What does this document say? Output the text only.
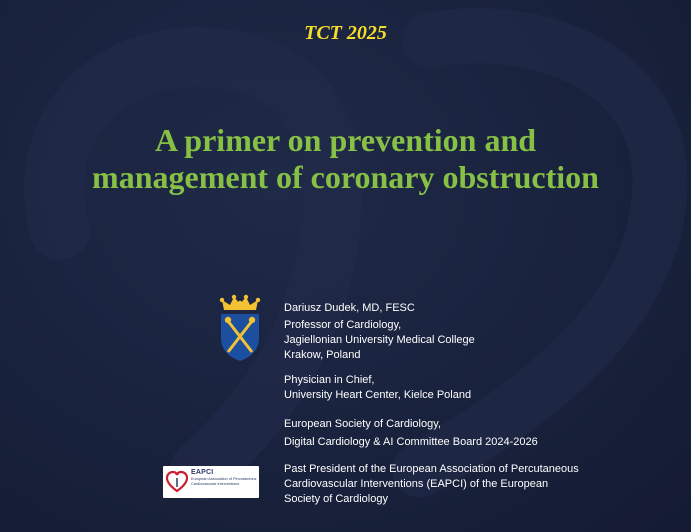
TCT 2025
A primer on prevention and
management of coronary obstruction
Dariusz Dudek, MD, FESC
Professor of Cardiology,
Jagiellonian University Medical College
Krakow, Poland
Physician in Chief,
University Heart Center, Kielce Poland
European Society of Cardiology,
Digital Cardiology & AI Committee Board 2024-2026
Past President of the European Association of Percutaneous
Cardiovascular Interventions (EAPCI) of the European
Society of Cardiology
EAPCI
European Association of Percutaneous Cardiovascular Interventions
